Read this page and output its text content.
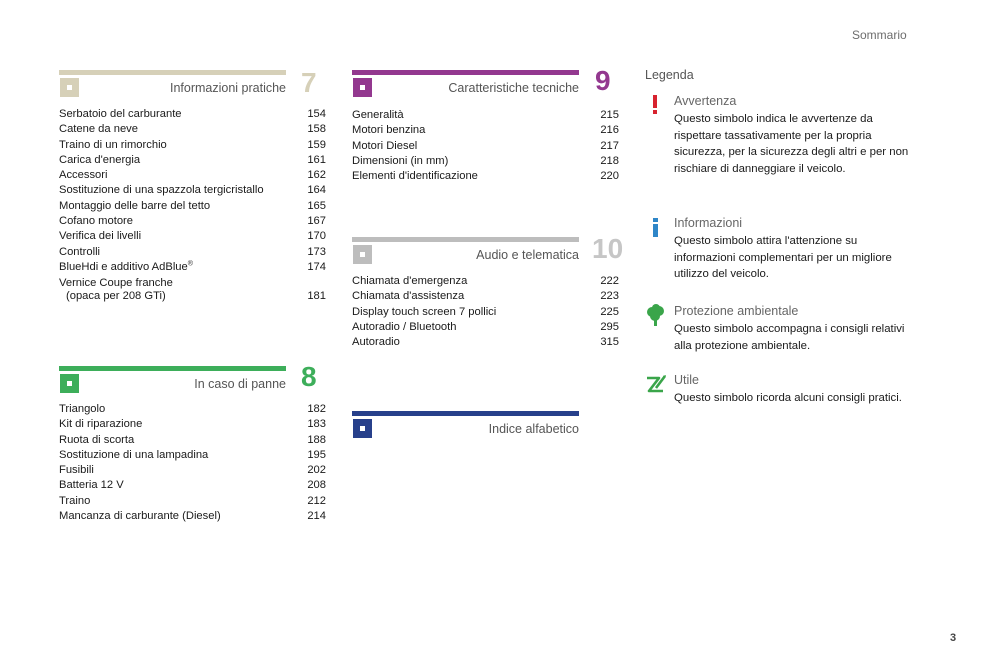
Sommario
Informazioni pratiche 7
Serbatoio del carburante	154
Catene da neve	158
Traino di un rimorchio	159
Carica d'energia	161
Accessori	162
Sostituzione di una spazzola tergicristallo	164
Montaggio delle barre del tetto	165
Cofano motore	167
Verifica dei livelli	170
Controlli	173
BlueHdi e additivo AdBlue®	174
Vernice Coupe franche
(opaca per 208 GTi)	181
In caso di panne 8
Triangolo	182
Kit di riparazione	183
Ruota di scorta	188
Sostituzione di una lampadina	195
Fusibili	202
Batteria 12 V	208
Traino	212
Mancanza di carburante (Diesel)	214
Caratteristiche tecniche 9
Generalità	215
Motori benzina	216
Motori Diesel	217
Dimensioni (in mm)	218
Elementi d'identificazione	220
Audio e telematica 10
Chiamata d'emergenza	222
Chiamata d'assistenza	223
Display touch screen 7 pollici	225
Autoradio / Bluetooth	295
Autoradio	315
Indice alfabetico
Legenda
Avvertenza
Questo simbolo indica le avvertenze da rispettare tassativamente per la propria sicurezza, per la sicurezza degli altri e per non rischiare di danneggiare il veicolo.
Informazioni
Questo simbolo attira l'attenzione su informazioni complementari per un migliore utilizzo del veicolo.
Protezione ambientale
Questo simbolo accompagna i consigli relativi alla protezione ambientale.
Utile
Questo simbolo ricorda alcuni consigli pratici.
3
